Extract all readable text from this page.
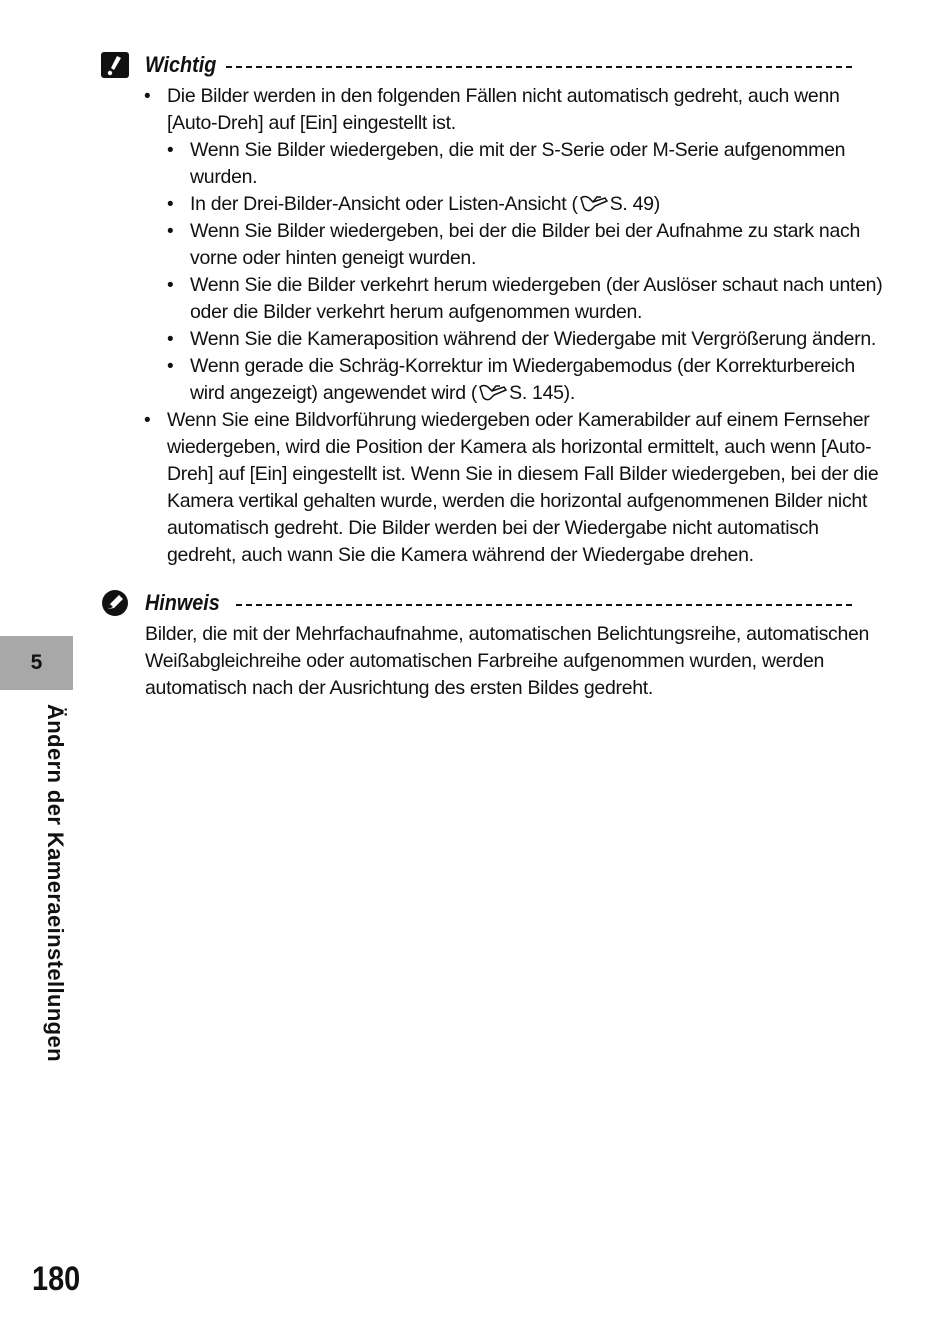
Wichtig
• Die Bilder werden in den folgenden Fällen nicht automatisch gedreht, auch wenn
[Auto-Dreh] auf [Ein] eingestellt ist.
• Wenn Sie Bilder wiedergeben, die mit der S-Serie oder M-Serie aufgenommen
wurden.
• In der Drei-Bilder-Ansicht oder Listen-Ansicht ( S. 49)
• Wenn Sie Bilder wiedergeben, bei der die Bilder bei der Aufnahme zu stark nach
vorne oder hinten geneigt wurden.
• Wenn Sie die Bilder verkehrt herum wiedergeben (der Auslöser schaut nach unten)
oder die Bilder verkehrt herum aufgenommen wurden.
• Wenn Sie die Kameraposition während der Wiedergabe mit Vergrößerung ändern.
• Wenn gerade die Schräg-Korrektur im Wiedergabemodus (der Korrekturbereich
wird angezeigt) angewendet wird ( S. 145).
• Wenn Sie eine Bildvorführung wiedergeben oder Kamerabilder auf einem Fernseher
wiedergeben, wird die Position der Kamera als horizontal ermittelt, auch wenn [Auto-
Dreh] auf [Ein] eingestellt ist. Wenn Sie in diesem Fall Bilder wiedergeben, bei der die
Kamera vertikal gehalten wurde, werden die horizontal aufgenommenen Bilder nicht
automatisch gedreht. Die Bilder werden bei der Wiedergabe nicht automatisch
gedreht, auch wann Sie die Kamera während der Wiedergabe drehen.
Hinweis
Bilder, die mit der Mehrfachaufnahme, automatischen Belichtungsreihe, automatischen
Weißabgleichreihe oder automatischen Farbreihe aufgenommen wurden, werden
automatisch nach der Ausrichtung des ersten Bildes gedreht.
5
Ändern der Kameraeinstellungen
180
